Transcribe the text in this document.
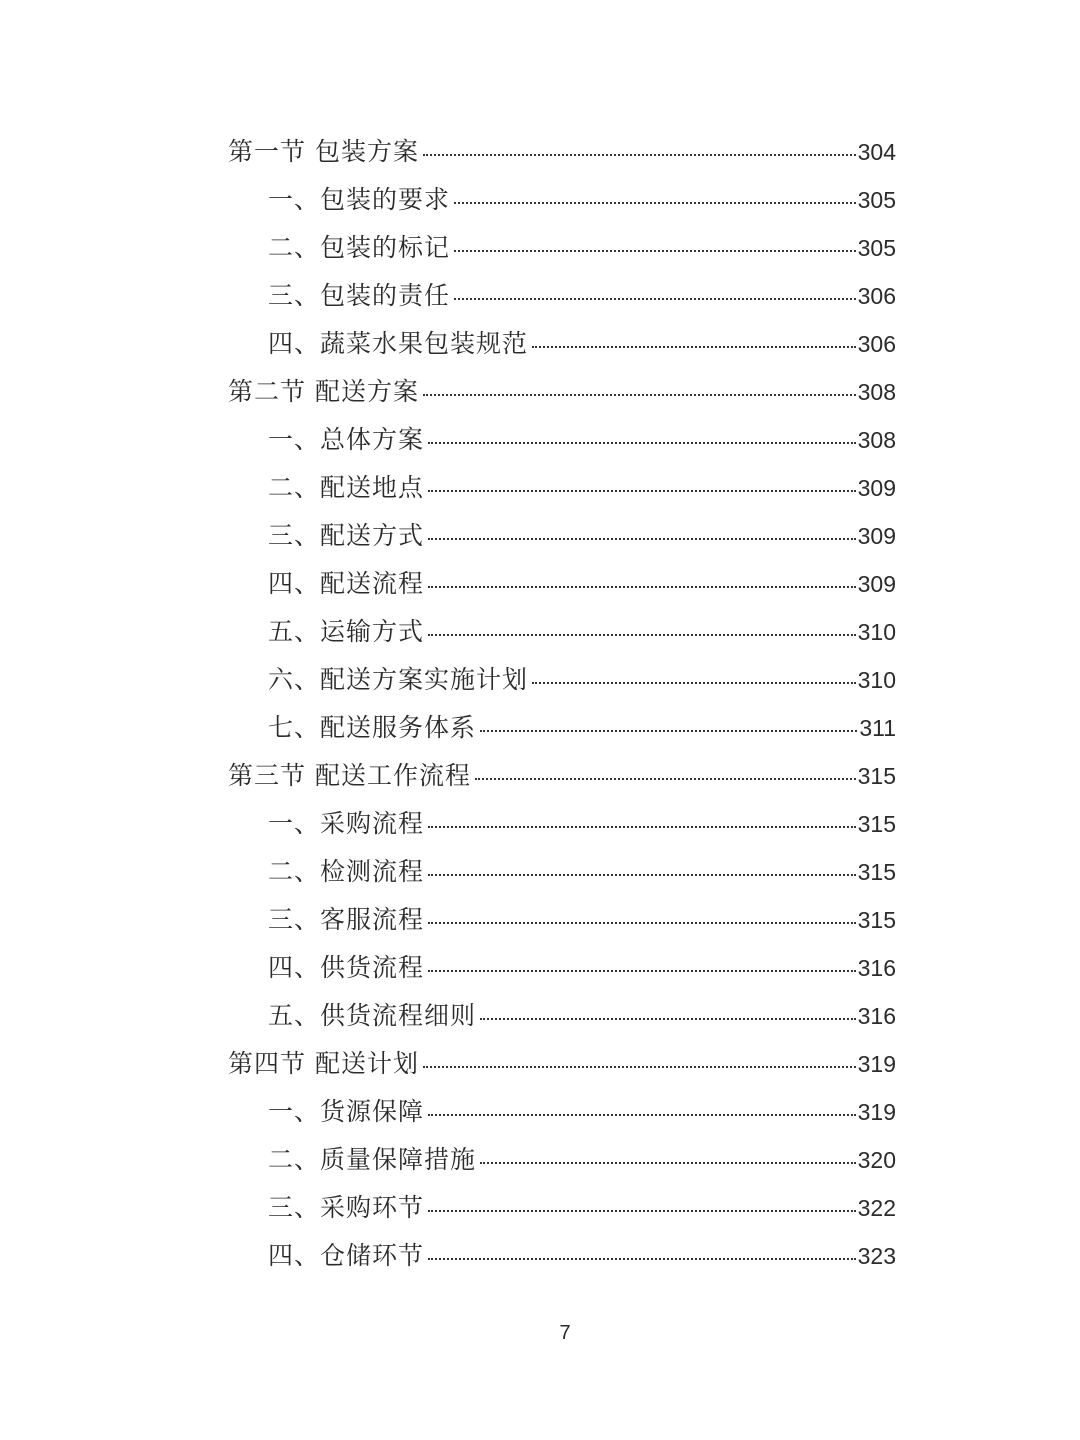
第一节 包装方案	304
一、包装的要求	305
二、包装的标记	305
三、包装的责任	306
四、蔬菜水果包装规范	306
第二节 配送方案	308
一、总体方案	308
二、配送地点	309
三、配送方式	309
四、配送流程	309
五、运输方式	310
六、配送方案实施计划	310
七、配送服务体系	311
第三节 配送工作流程	315
一、采购流程	315
二、检测流程	315
三、客服流程	315
四、供货流程	316
五、供货流程细则	316
第四节 配送计划	319
一、货源保障	319
二、质量保障措施	320
三、采购环节	322
四、仓储环节	323
7
